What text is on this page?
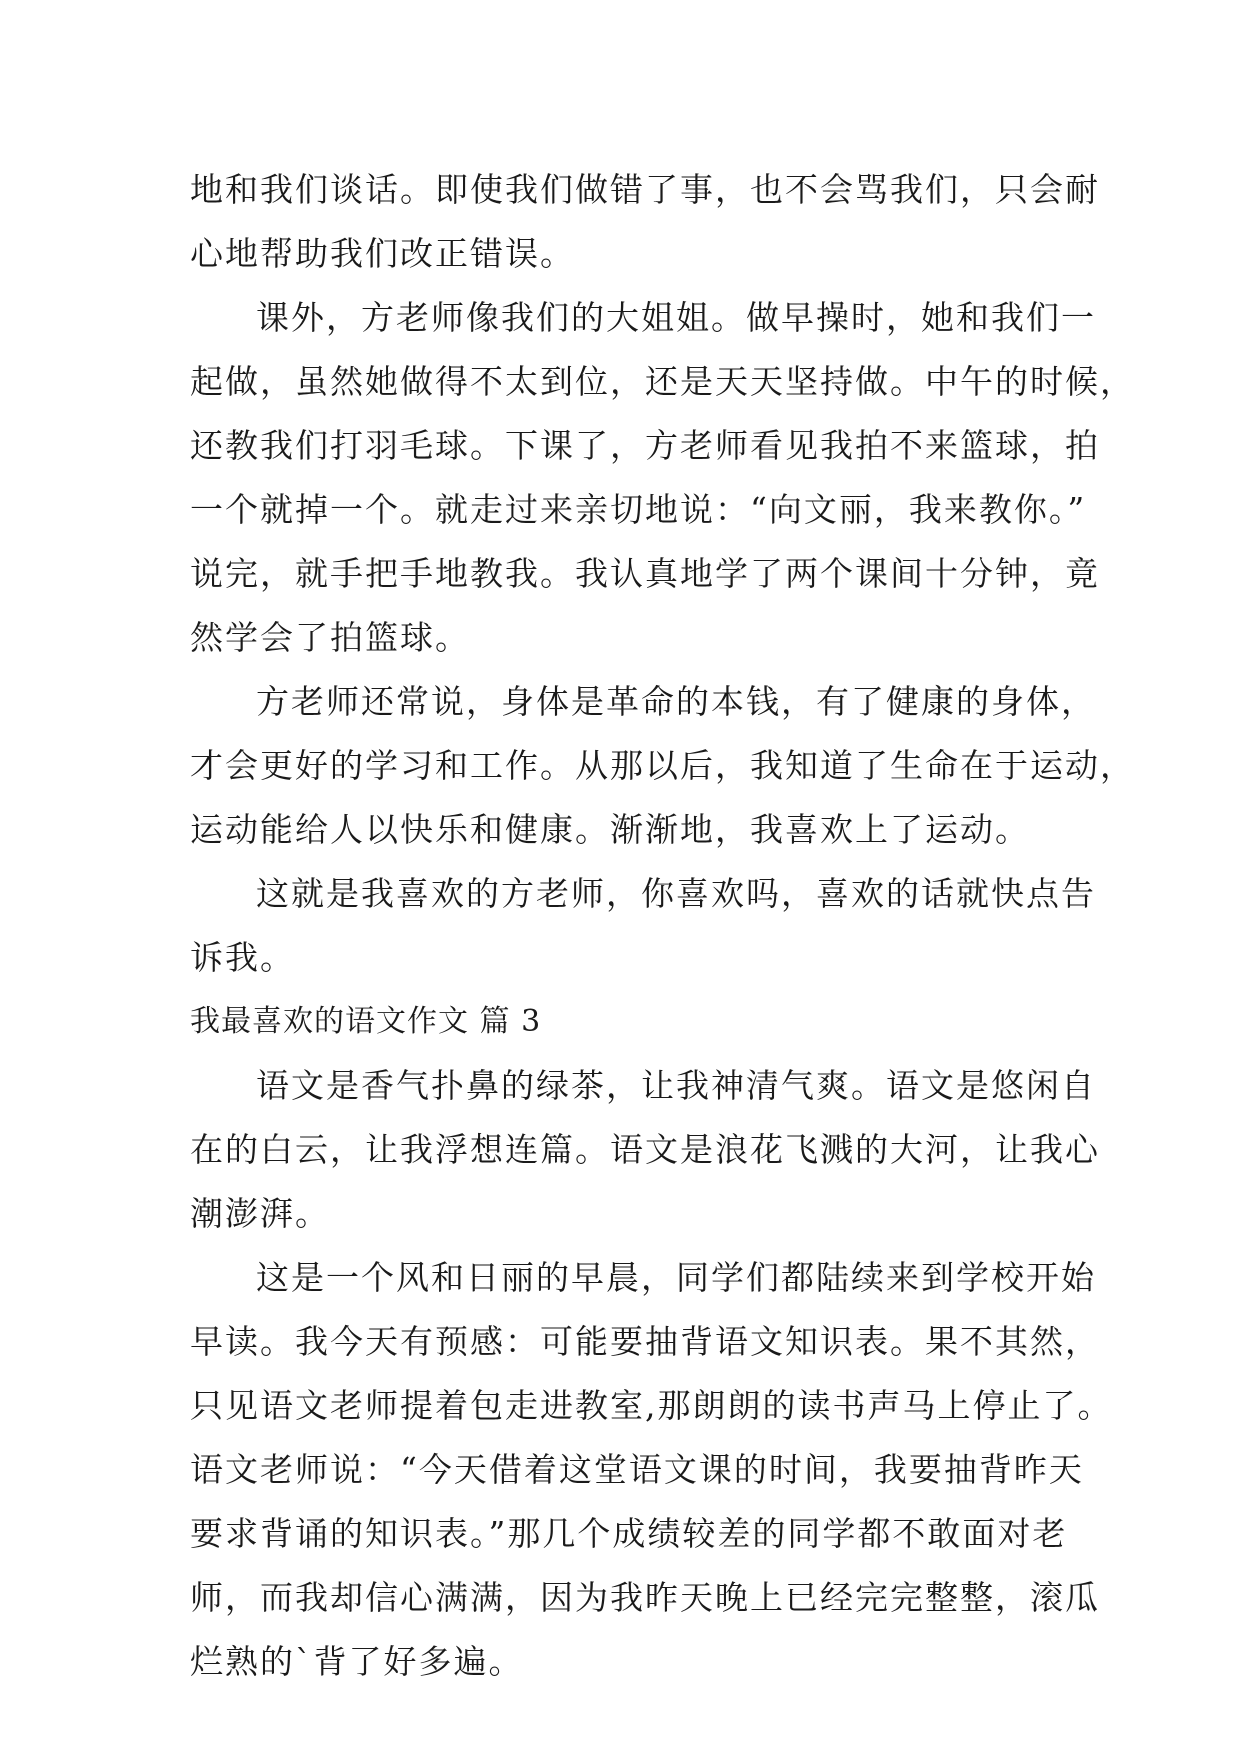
地和我们谈话。即使我们做错了事，也不会骂我们，只会耐
心地帮助我们改正错误。
课外，方老师像我们的大姐姐。做早操时，她和我们一
起做，虽然她做得不太到位，还是天天坚持做。中午的时候，
还教我们打羽毛球。下课了，方老师看见我拍不来篮球，拍
一个就掉一个。就走过来亲切地说：“向文丽，我来教你。”
说完，就手把手地教我。我认真地学了两个课间十分钟，竟
然学会了拍篮球。
方老师还常说，身体是革命的本钱，有了健康的身体，
才会更好的学习和工作。从那以后，我知道了生命在于运动，
运动能给人以快乐和健康。渐渐地，我喜欢上了运动。
这就是我喜欢的方老师，你喜欢吗，喜欢的话就快点告
诉我。
我最喜欢的语文作文 篇 3
语文是香气扑鼻的绿茶，让我神清气爽。语文是悠闲自
在的白云，让我浮想连篇。语文是浪花飞溅的大河，让我心
潮澎湃。
这是一个风和日丽的早晨，同学们都陆续来到学校开始
早读。我今天有预感：可能要抽背语文知识表。果不其然，
只见语文老师提着包走进教室,那朗朗的读书声马上停止了。
语文老师说：“今天借着这堂语文课的时间，我要抽背昨天
要求背诵的知识表。”那几个成绩较差的同学都不敢面对老
师，而我却信心满满，因为我昨天晚上已经完完整整，滚瓜
烂熟的`背了好多遍。
